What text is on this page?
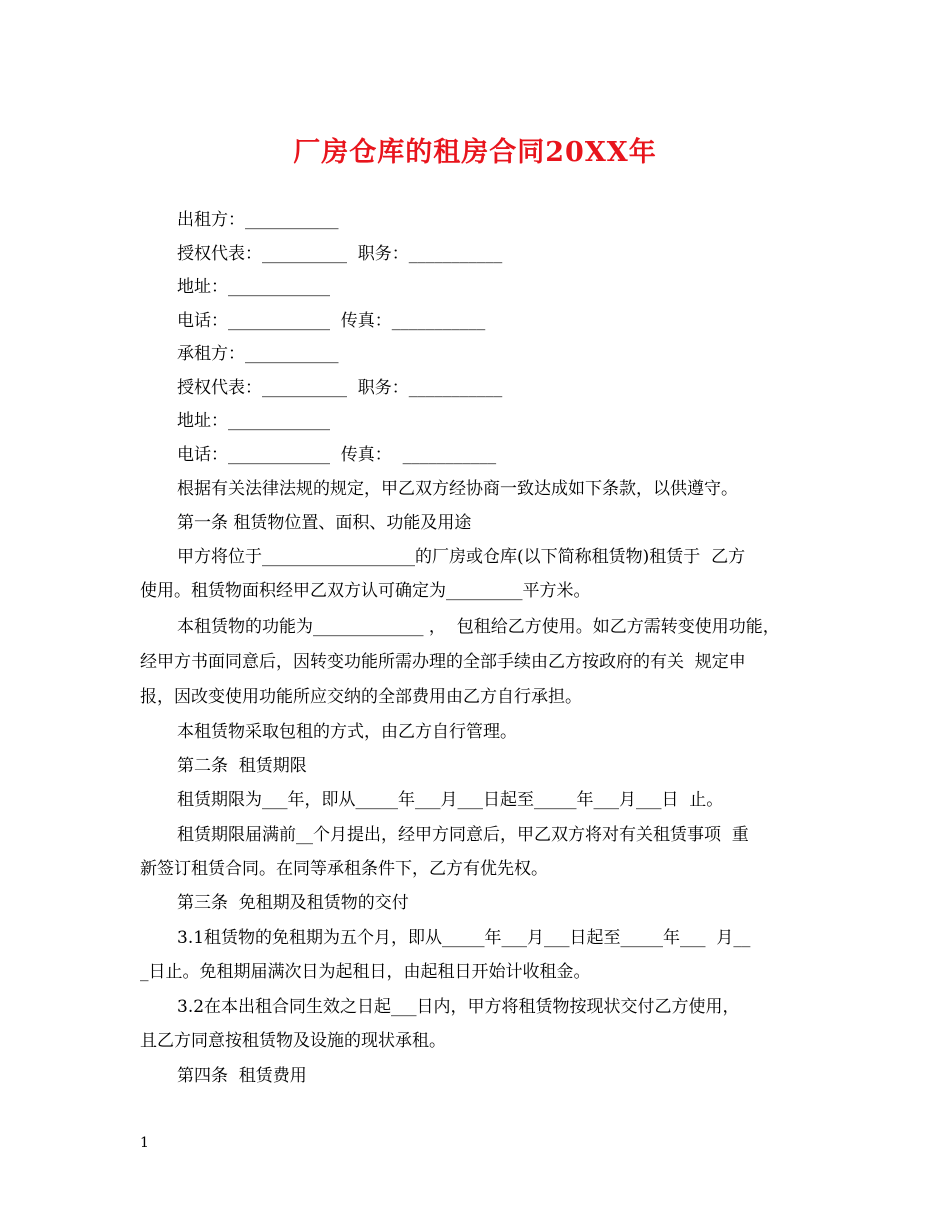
厂房仓库的租房合同20XX年
出租方：___________
授权代表：__________  职务：___________
地址：____________
电话：____________  传真：___________
承租方：___________
授权代表：__________  职务：___________
地址：____________
电话：____________  传真：  ___________
根据有关法律法规的规定，甲乙双方经协商一致达成如下条款，以供遵守。
第一条 租赁物位置、面积、功能及用途
甲方将位于__________________的厂房或仓库(以下简称租赁物)租赁于  乙方
使用。租赁物面积经甲乙双方认可确定为_________平方米。
本租赁物的功能为_____________ ，  包租给乙方使用。如乙方需转变使用功能，
经甲方书面同意后，因转变功能所需办理的全部手续由乙方按政府的有关  规定申
报，因改变使用功能所应交纳的全部费用由乙方自行承担。
本租赁物采取包租的方式，由乙方自行管理。
第二条  租赁期限
租赁期限为___年，即从_____年___月___日起至_____年___月___日  止。
租赁期限届满前__个月提出，经甲方同意后，甲乙双方将对有关租赁事项  重
新签订租赁合同。在同等承租条件下，乙方有优先权。
第三条  免租期及租赁物的交付
3.1租赁物的免租期为五个月，即从_____年___月___日起至_____年___  月__
_日止。免租期届满次日为起租日，由起租日开始计收租金。
3.2在本出租合同生效之日起___日内，甲方将租赁物按现状交付乙方使用，
且乙方同意按租赁物及设施的现状承租。
第四条  租赁费用
1
